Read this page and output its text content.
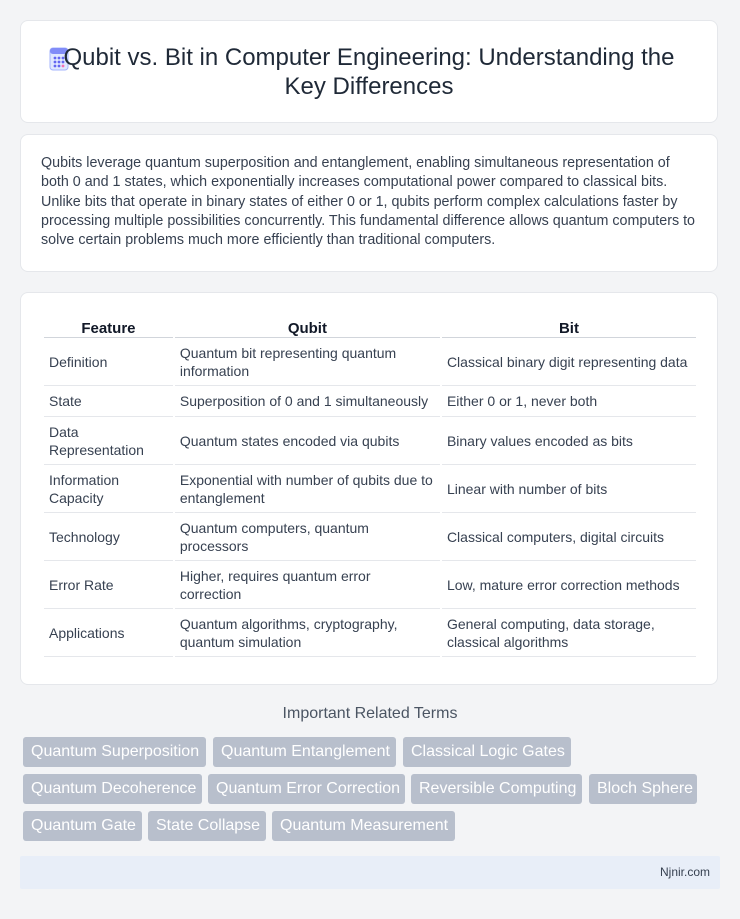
Qubit vs. Bit in Computer Engineering: Understanding the Key Differences

Qubits leverage quantum superposition and entanglement, enabling simultaneous representation of both 0 and 1 states, which exponentially increases computational power compared to classical bits. Unlike bits that operate in binary states of either 0 or 1, qubits perform complex calculations faster by processing multiple possibilities concurrently. This fundamental difference allows quantum computers to solve certain problems much more efficiently than traditional computers.

Feature	Qubit	Bit
Definition	Quantum bit representing quantum information	Classical binary digit representing data
State	Superposition of 0 and 1 simultaneously	Either 0 or 1, never both
Data Representation	Quantum states encoded via qubits	Binary values encoded as bits
Information Capacity	Exponential with number of qubits due to entanglement	Linear with number of bits
Technology	Quantum computers, quantum processors	Classical computers, digital circuits
Error Rate	Higher, requires quantum error correction	Low, mature error correction methods
Applications	Quantum algorithms, cryptography, quantum simulation	General computing, data storage, classical algorithms
Important Related Terms
Quantum Superposition	Quantum Entanglement	Classical Logic Gates
Quantum Decoherence	Quantum Error Correction	Reversible Computing	Bloch Sphere
Quantum Gate	State Collapse	Quantum Measurement
Njnir.com
